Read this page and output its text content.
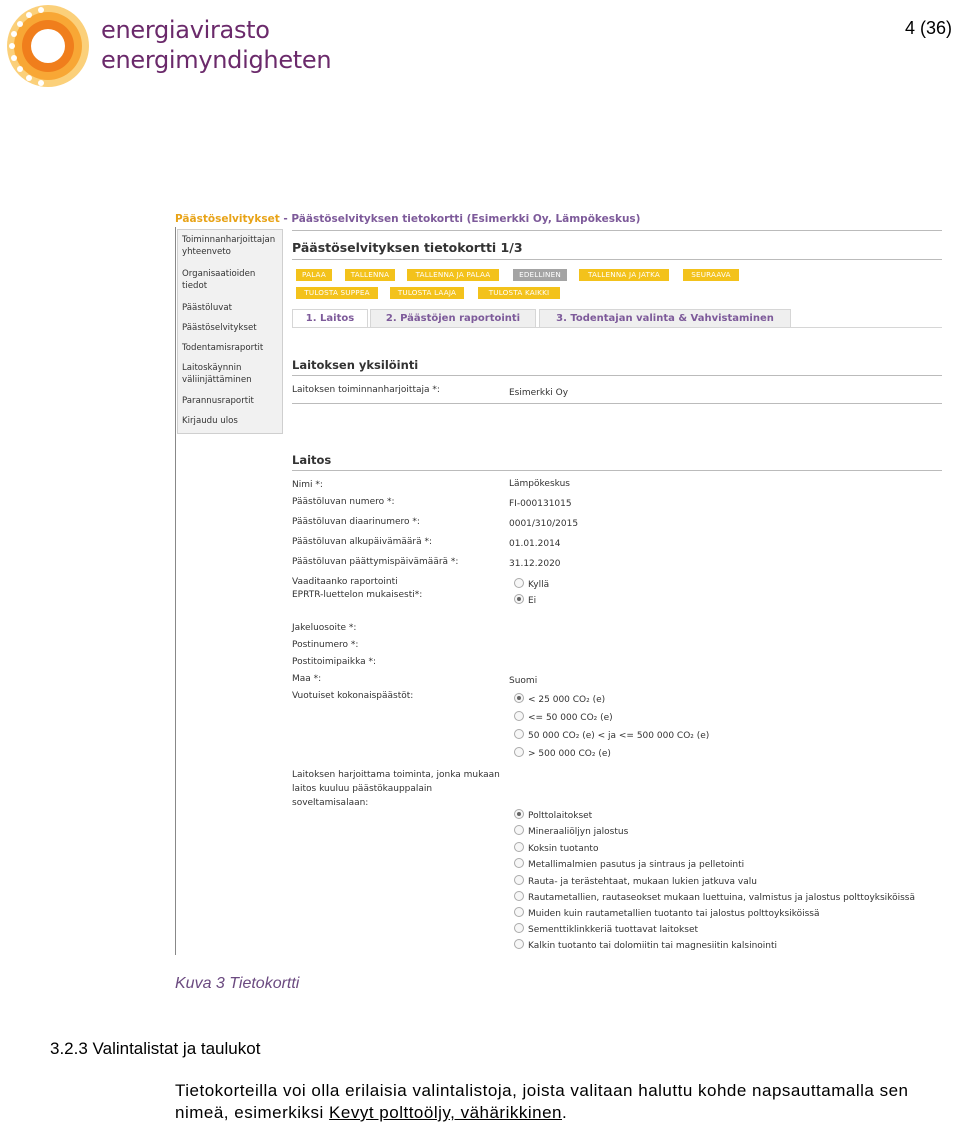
energiavirasto
energimyndigheten
4 (36)
Päästöselvitykset - Päästöselvityksen tietokortti (Esimerkki Oy, Lämpökeskus)
Toiminnanharjoittajan yhteenveto
Organisaatioiden tiedot
Päästöluvat
Päästöselvitykset
Todentamisraportit
Laitoskäynnin väliinjättäminen
Parannusraportit
Kirjaudu ulos
Päästöselvityksen tietokortti 1/3
PALAA	TALLENNA	TALLENNA JA PALAA	EDELLINEN	TALLENNA JA JATKA	SEURAAVA
TULOSTA SUPPEA	TULOSTA LAAJA	TULOSTA KAIKKI
1. Laitos	2. Päästöjen raportointi	3. Todentajan valinta & Vahvistaminen
Laitoksen yksilöinti
Laitoksen toiminnanharjoittaja *:	Esimerkki Oy
Laitos
Nimi *:	Lämpökeskus
Päästöluvan numero *:	FI-000131015
Päästöluvan diaarinumero *:	0001/310/2015
Päästöluvan alkupäivämäärä *:	01.01.2014
Päästöluvan päättymispäivämäärä *:	31.12.2020
Vaaditaanko raportointi
EPRTR-luettelon mukaisesti*:
Kyllä
Ei
Jakeluosoite *:
Postinumero *:
Postitoimipaikka *:
Maa *:	Suomi
Vuotuiset kokonaispäästöt:	< 25 000 CO₂ (e)
<= 50 000 CO₂ (e)
50 000 CO₂ (e) < ja <= 500 000 CO₂ (e)
> 500 000 CO₂ (e)
Laitoksen harjoittama toiminta, jonka mukaan
laitos kuuluu päästökauppalain
soveltamisalaan:
Polttolaitokset
Mineraaliöljyn jalostus
Koksin tuotanto
Metallimalmien pasutus ja sintraus ja pelletointi
Rauta- ja terästehtaat, mukaan lukien jatkuva valu
Rautametallien, rautaseokset mukaan luettuina, valmistus ja jalostus polttoyksiköissä
Muiden kuin rautametallien tuotanto tai jalostus polttoyksiköissä
Sementtiklinkkeriä tuottavat laitokset
Kalkin tuotanto tai dolomiitin tai magnesiitin kalsinointi
Kuva 3 Tietokortti
3.2.3 Valintalistat ja taulukot
Tietokorteilla voi olla erilaisia valintalistoja, joista valitaan haluttu kohde napsauttamalla sen nimeä, esimerkiksi Kevyt polttoöljy, vähärikkinen.
